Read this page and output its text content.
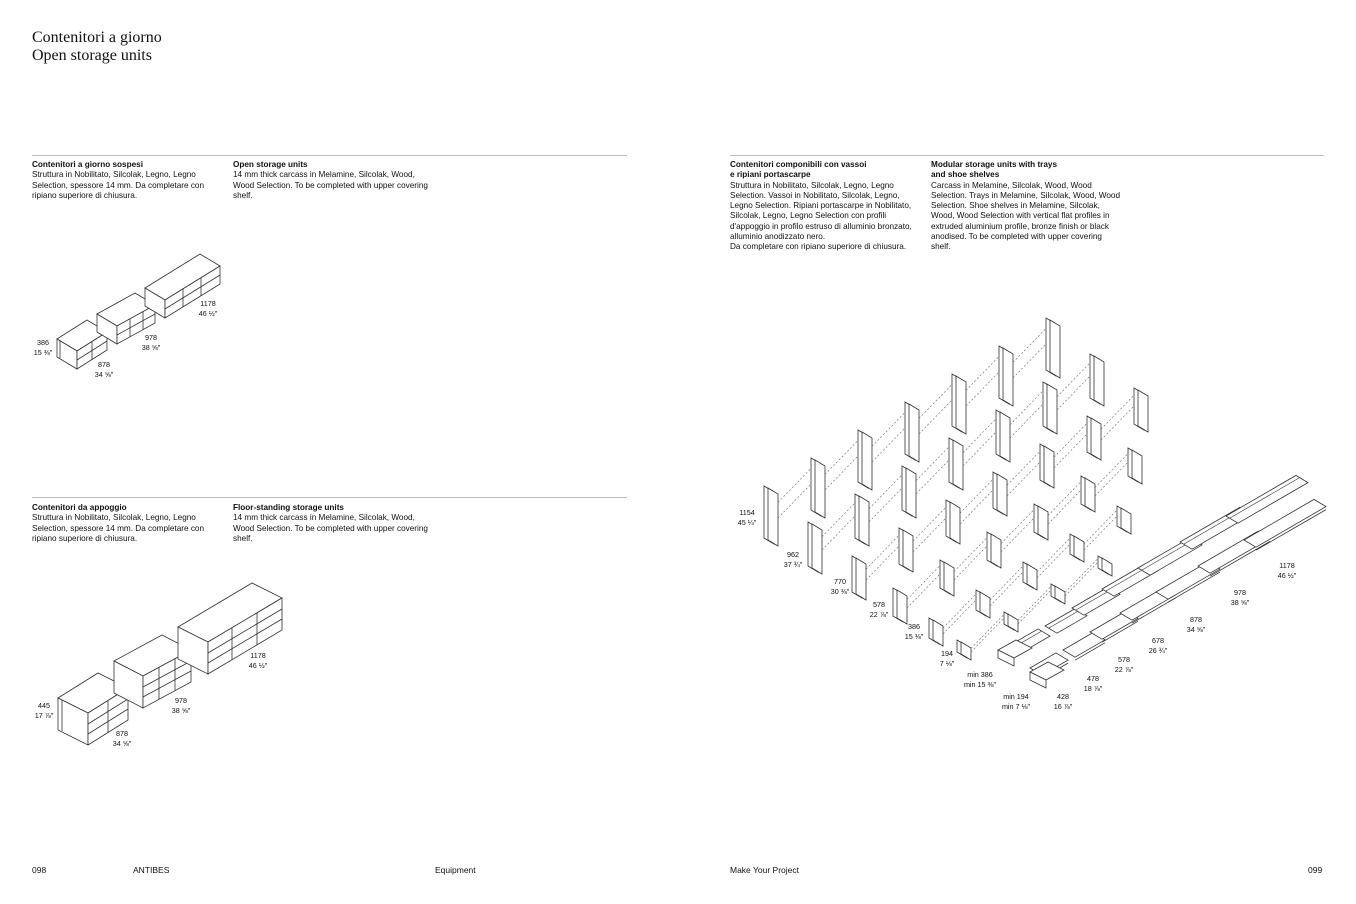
Contenitori a giorno
Open storage units
Contenitori a giorno sospesi
Struttura in Nobilitato, Silcolak, Legno, Legno Selection, spessore 14 mm. Da completare con ripiano superiore di chiusura.
Open storage units
14 mm thick carcass in Melamine, Silcolak, Wood, Wood Selection. To be completed with upper covering shelf.
Contenitori da appoggio
Struttura in Nobilitato, Silcolak, Legno, Legno Selection, spessore 14 mm. Da completare con ripiano superiore di chiusura.
Floor-standing storage units
14 mm thick carcass in Melamine, Silcolak, Wood, Wood Selection. To be completed with upper covering shelf.
Contenitori componibili con vassoi
e ripiani portascarpe
Struttura in Nobilitato, Silcolak, Legno, Legno Selection. Vassoi in Nobilitato, Silcolak, Legno, Legno Selection. Ripiani portascarpe in Nobilitato, Silcolak, Legno, Legno Selection con profili d'appoggio in profilo estruso di alluminio bronzato, alluminio anodizzato nero.
Da completare con ripiano superiore di chiusura.
Modular storage units with trays
and shoe shelves
Carcass in Melamine, Silcolak, Wood, Wood Selection. Trays in Melamine, Silcolak, Wood, Wood Selection. Shoe shelves in Melamine, Silcolak, Wood, Wood Selection with vertical flat profiles in extruded aluminium profile, bronze finish or black anodised. To be completed with upper covering shelf.
386
15 ⅜"
878
34 ⅝"
978
38 ⅝"
1178
46 ½"
445
17 ⅞"
878
34 ⅝"
978
38 ⅝"
1178
46 ½"
1154
45 ¼"
962
37 ¾"
770
30 ⅜"
578
22 ⅞"
386
15 ⅜"
194
7 ⅛"
min 386
min 15 ⅜"
min 194
min 7 ⅛"
428
16 ⅞"
478
18 ⅞"
578
22 ⅞"
678
26 ¾"
878
34 ⅝"
978
38 ⅝"
1178
46 ½"
098	ANTIBES	Equipment	Make Your Project	099
